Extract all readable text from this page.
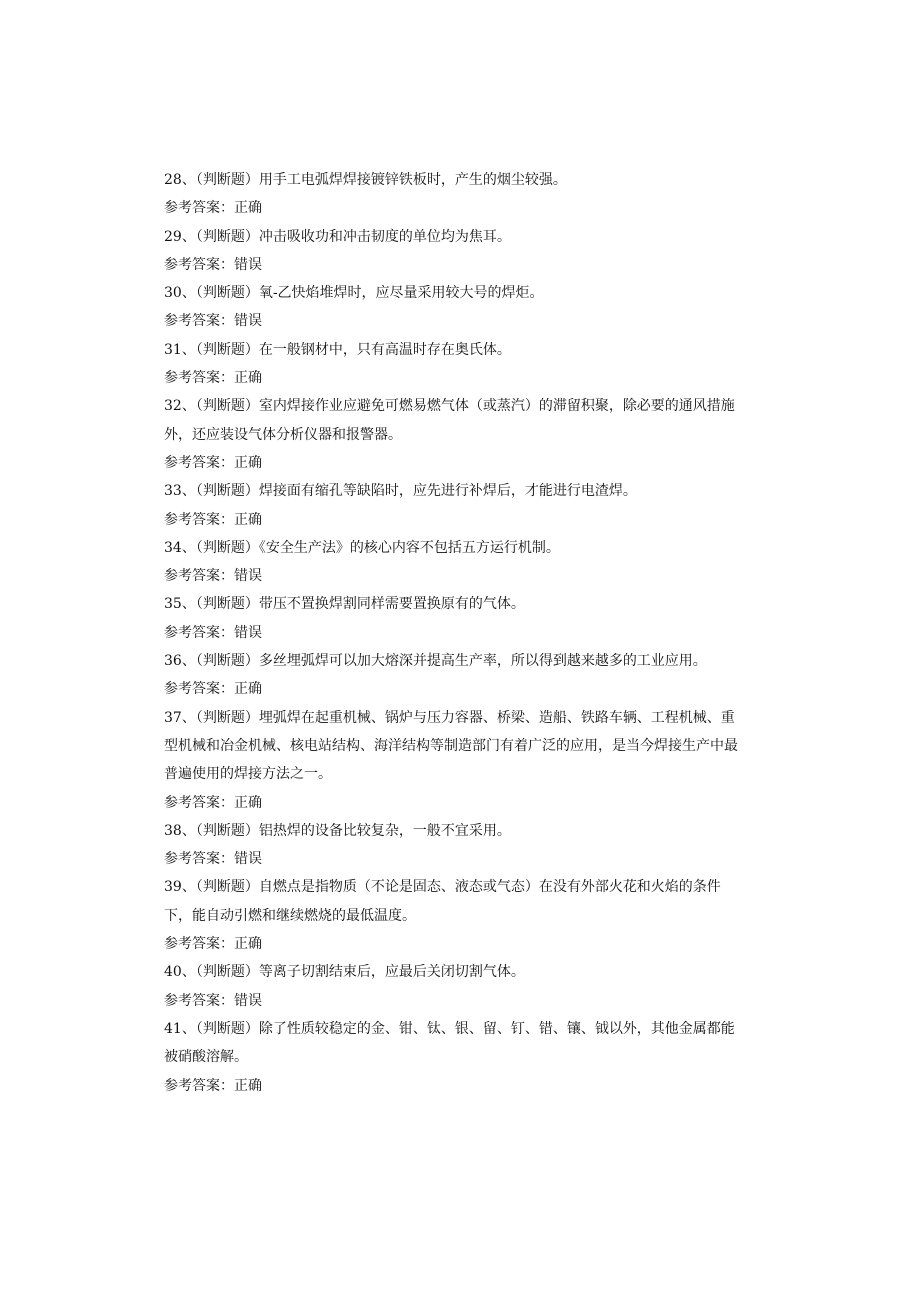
28、（判断题）用手工电弧焊焊接镀锌铁板时，产生的烟尘较强。

参考答案：正确

29、（判断题）冲击吸收功和冲击韧度的单位均为焦耳。

参考答案：错误

30、（判断题）氧-乙快焰堆焊时，应尽量采用较大号的焊炬。

参考答案：错误

31、（判断题）在一般钢材中，只有高温时存在奥氏体。

参考答案：正确

32、（判断题）室内焊接作业应避免可燃易燃气体（或蒸汽）的滞留积聚，除必要的通风措施外，还应装设气体分析仪器和报警器。

参考答案：正确

33、（判断题）焊接面有缩孔等缺陷时，应先进行补焊后，才能进行电渣焊。

参考答案：正确

34、（判断题）《安全生产法》的核心内容不包括五方运行机制。

参考答案：错误

35、（判断题）带压不置换焊割同样需要置换原有的气体。

参考答案：错误

36、（判断题）多丝埋弧焊可以加大熔深并提高生产率，所以得到越来越多的工业应用。

参考答案：正确

37、（判断题）埋弧焊在起重机械、锅炉与压力容器、桥梁、造船、铁路车辆、工程机械、重型机械和冶金机械、核电站结构、海洋结构等制造部门有着广泛的应用，是当今焊接生产中最普遍使用的焊接方法之一。

参考答案：正确

38、（判断题）铝热焊的设备比较复杂，一般不宜采用。

参考答案：错误

39、（判断题）自燃点是指物质（不论是固态、液态或气态）在没有外部火花和火焰的条件下，能自动引燃和继续燃烧的最低温度。

参考答案：正确

40、（判断题）等离子切割结束后，应最后关闭切割气体。

参考答案：错误

41、（判断题）除了性质较稳定的金、钳、钛、银、留、钉、错、镶、钺以外，其他金属都能被硝酸溶解。

参考答案：正确
